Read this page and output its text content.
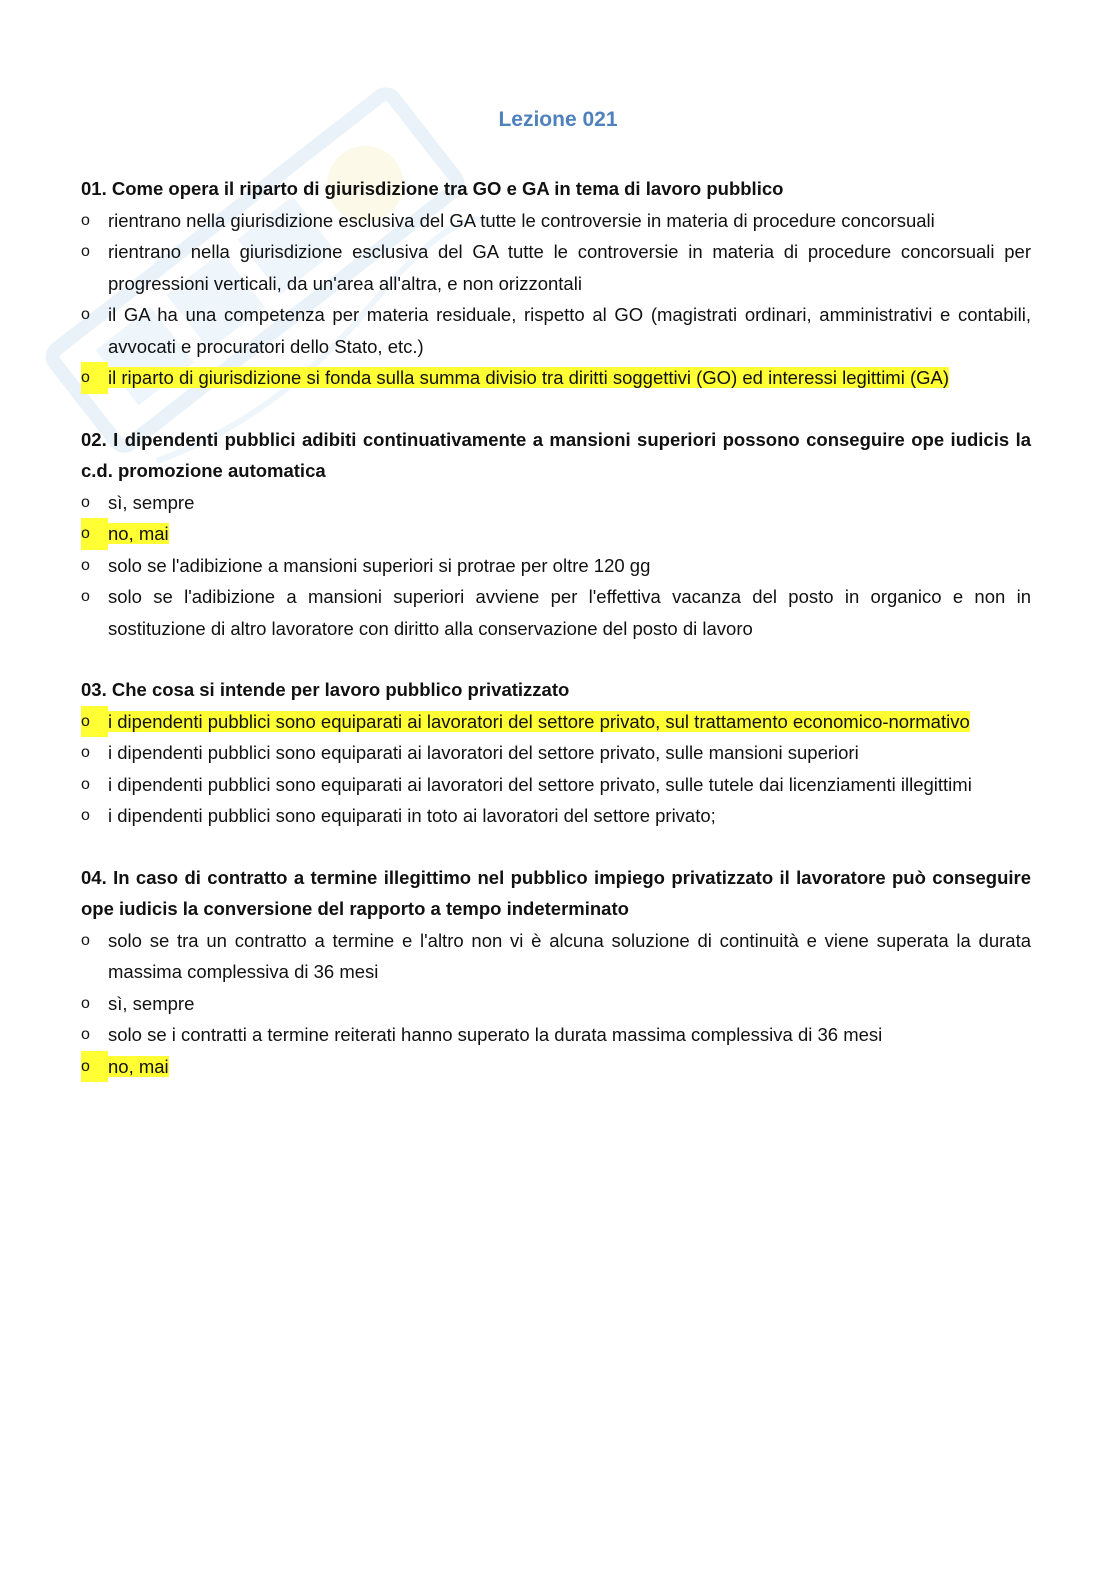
Lezione 021

01. Come opera il riparto di giurisdizione tra GO e GA in tema di lavoro pubblico

o rientrano nella giurisdizione esclusiva del GA tutte le controversie in materia di procedure concorsuali
o rientrano nella giurisdizione esclusiva del GA tutte le controversie in materia di procedure concorsuali per progressioni verticali, da un'area all'altra, e non orizzontali
o il GA ha una competenza per materia residuale, rispetto al GO (magistrati ordinari, amministrativi e contabili, avvocati e procuratori dello Stato, etc.)
o il riparto di giurisdizione si fonda sulla summa divisio tra diritti soggettivi (GO) ed interessi legittimi (GA)

02. I dipendenti pubblici adibiti continuativamente a mansioni superiori possono conseguire ope iudicis la c.d. promozione automatica

o sì, sempre
o no, mai
o solo se l'adibizione a mansioni superiori si protrae per oltre 120 gg
o solo se l'adibizione a mansioni superiori avviene per l'effettiva vacanza del posto in organico e non in sostituzione di altro lavoratore con diritto alla conservazione del posto di lavoro

03. Che cosa si intende per lavoro pubblico privatizzato

o i dipendenti pubblici sono equiparati ai lavoratori del settore privato, sul trattamento economico-normativo
o i dipendenti pubblici sono equiparati ai lavoratori del settore privato, sulle mansioni superiori
o i dipendenti pubblici sono equiparati ai lavoratori del settore privato, sulle tutele dai licenziamenti illegittimi
o i dipendenti pubblici sono equiparati in toto ai lavoratori del settore privato;

04. In caso di contratto a termine illegittimo nel pubblico impiego privatizzato il lavoratore può conseguire ope iudicis la conversione del rapporto a tempo indeterminato

o solo se tra un contratto a termine e l'altro non vi è alcuna soluzione di continuità e viene superata la durata massima complessiva di 36 mesi
o sì, sempre
o solo se i contratti a termine reiterati hanno superato la durata massima complessiva di 36 mesi
o no, mai
